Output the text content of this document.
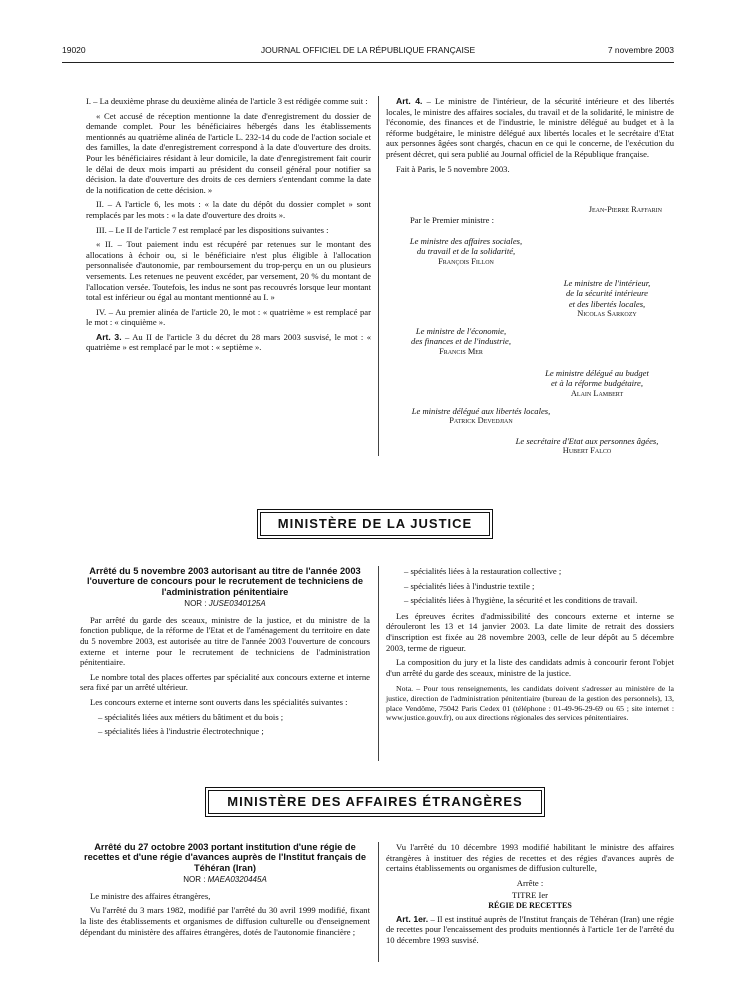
19020	JOURNAL OFFICIEL DE LA RÉPUBLIQUE FRANÇAISE	7 novembre 2003

I. – La deuxième phrase du deuxième alinéa de l'article 3 est rédigée comme suit :

« Cet accusé de réception mentionne la date d'enregistrement du dossier de demande complet. Pour les bénéficiaires hébergés dans les établissements mentionnés au quatrième alinéa de l'article L. 232-14 du code de l'action sociale et des familles, la date d'enregistrement correspond à la date d'ouverture des droits. Pour les bénéficiaires résidant à leur domicile, la date d'enregistrement fait courir le délai de deux mois imparti au président du conseil général pour notifier sa décision. la date d'ouverture des droits de ces derniers s'entendant comme la date de la notification de cette décision. »

II. – A l'article 6, les mots : « la date du dépôt du dossier complet » sont remplacés par les mots : « la date d'ouverture des droits ».

III. – Le II de l'article 7 est remplacé par les dispositions suivantes :

« II. – Tout paiement indu est récupéré par retenues sur le montant des allocations à échoir ou, si le bénéficiaire n'est plus éligible à l'allocation personnalisée d'autonomie, par remboursement du trop-perçu en un ou plusieurs versements. Les retenues ne peuvent excéder, par versement, 20 % du montant de l'allocation versée. Toutefois, les indus ne sont pas recouvrés lorsque leur montant total est inférieur ou égal au montant mentionné au I. »

IV. – Au premier alinéa de l'article 20, le mot : « quatrième » est remplacé par le mot : « cinquième ».

Art. 3. – Au II de l'article 3 du décret du 28 mars 2003 susvisé, le mot : « quatrième » est remplacé par le mot : « septième ».

Art. 4. – Le ministre de l'intérieur, de la sécurité intérieure et des libertés locales, le ministre des affaires sociales, du travail et de la solidarité, le ministre de l'économie, des finances et de l'industrie, le ministre délégué au budget et à la réforme budgétaire, le ministre délégué aux libertés locales et le secrétaire d'Etat aux personnes âgées sont chargés, chacun en ce qui le concerne, de l'exécution du présent décret, qui sera publié au Journal officiel de la République française.

Fait à Paris, le 5 novembre 2003.

Jean-Pierre Raffarin
Par le Premier ministre :
Le ministre des affaires sociales,
du travail et de la solidarité,
François Fillon
Le ministre de l'intérieur,
de la sécurité intérieure
et des libertés locales,
Nicolas Sarkozy
Le ministre de l'économie,
des finances et de l'industrie,
Francis Mer
Le ministre délégué au budget
et à la réforme budgétaire,
Alain Lambert
Le ministre délégué aux libertés locales,
Patrick Devedjian
Le secrétaire d'Etat aux personnes âgées,
Hubert Falco
MINISTÈRE DE LA JUSTICE
Arrêté du 5 novembre 2003 autorisant au titre de l'année 2003 l'ouverture de concours pour le recrutement de techniciens de l'administration pénitentiaire
NOR : JUSE0340125A

Par arrêté du garde des sceaux, ministre de la justice, et du ministre de la fonction publique, de la réforme de l'Etat et de l'aménagement du territoire en date du 5 novembre 2003, est autorisée au titre de l'année 2003 l'ouverture de concours externe et interne pour le recrutement de techniciens de l'administration pénitentiaire.

Le nombre total des places offertes par spécialité aux concours externe et interne sera fixé par un arrêté ultérieur.

Les concours externe et interne sont ouverts dans les spécialités suivantes :

– spécialités liées aux métiers du bâtiment et du bois ;

– spécialités liées à l'industrie électrotechnique ;

– spécialités liées à la restauration collective ;

– spécialités liées à l'industrie textile ;

– spécialités liées à l'hygiène, la sécurité et les conditions de travail.

Les épreuves écrites d'admissibilité des concours externe et interne se dérouleront les 13 et 14 janvier 2003. La date limite de retrait des dossiers d'inscription est fixée au 28 novembre 2003, celle de leur dépôt au 5 décembre 2003, terme de rigueur.

La composition du jury et la liste des candidats admis à concourir feront l'objet d'un arrêté du garde des sceaux, ministre de la justice.

Nota. – Pour tous renseignements, les candidats doivent s'adresser au ministère de la justice, direction de l'administration pénitentiaire (bureau de la gestion des personnels), 13, place Vendôme, 75042 Paris Cedex 01 (téléphone : 01-49-96-29-69 ou 65 ; site internet : www.justice.gouv.fr), ou aux directions régionales des services pénitentiaires.

MINISTÈRE DES AFFAIRES ÉTRANGÈRES
Arrêté du 27 octobre 2003 portant institution d'une régie de recettes et d'une régie d'avances auprès de l'Institut français de Téhéran (Iran)
NOR : MAEA0320445A

Le ministre des affaires étrangères,

Vu l'arrêté du 3 mars 1982, modifié par l'arrêté du 30 avril 1999 modifié, fixant la liste des établissements et organismes de diffusion culturelle ou d'enseignement dépendant du ministère des affaires étrangères, dotés de l'autonomie financière ;

Vu l'arrêté du 10 décembre 1993 modifié habilitant le ministre des affaires étrangères à instituer des régies de recettes et des régies d'avances auprès de certains établissements ou organismes de diffusion culturelle,

Arrête :

TITRE Ier

RÉGIE DE RECETTES

Art. 1er. – Il est institué auprès de l'Institut français de Téhéran (Iran) une régie de recettes pour l'encaissement des produits mentionnés à l'article 1er de l'arrêté du 10 décembre 1993 susvisé.
